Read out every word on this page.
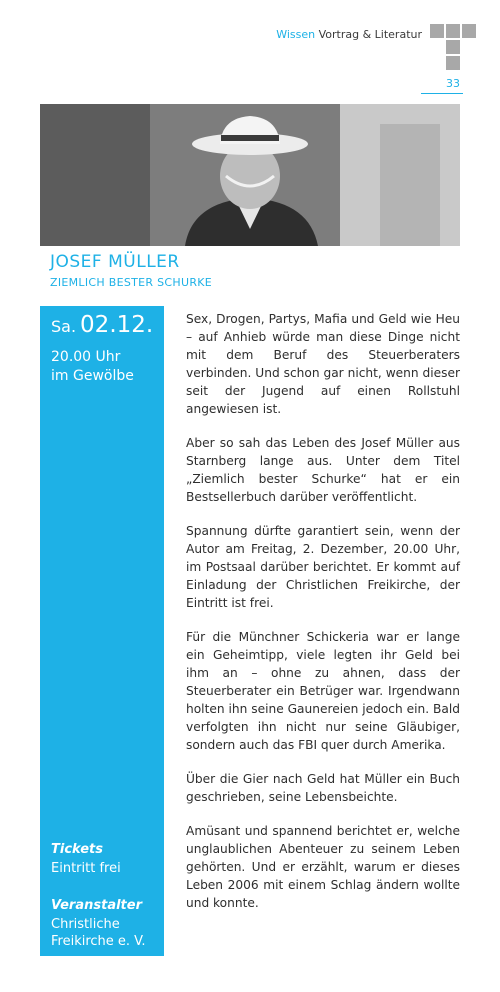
Wissen Vortrag & Literatur
33
JOSEF MÜLLER
ZIEMLICH BESTER SCHURKE
Sa. 02.12.
20.00 Uhr
im Gewölbe
Tickets
Eintritt frei
Veranstalter
Christliche
Freikirche e. V.

Sex, Drogen, Partys, Mafia und Geld wie Heu – auf Anhieb würde man diese Dinge nicht mit dem Beruf des Steuerberaters verbinden. Und schon gar nicht, wenn dieser seit der Jugend auf einen Rollstuhl angewiesen ist.

Aber so sah das Leben des Josef Müller aus Starnberg lange aus. Unter dem Titel „Ziemlich bester Schurke“ hat er ein Bestsellerbuch darüber veröffentlicht.

Spannung dürfte garantiert sein, wenn der Autor am Freitag, 2. Dezember, 20.00 Uhr, im Postsaal darüber berichtet. Er kommt auf Einladung der Christlichen Freikirche, der Eintritt ist frei.

Für die Münchner Schickeria war er lange ein Geheimtipp, viele legten ihr Geld bei ihm an – ohne zu ahnen, dass der Steuerberater ein Betrüger war. Irgendwann holten ihn seine Gaunereien jedoch ein. Bald verfolgten ihn nicht nur seine Gläubiger, sondern auch das FBI quer durch Amerika.

Über die Gier nach Geld hat Müller ein Buch geschrieben, seine Lebensbeichte.

Amüsant und spannend berichtet er, welche unglaublichen Abenteuer zu seinem Leben gehörten. Und er erzählt, warum er dieses Leben 2006 mit einem Schlag ändern wollte und konnte.
